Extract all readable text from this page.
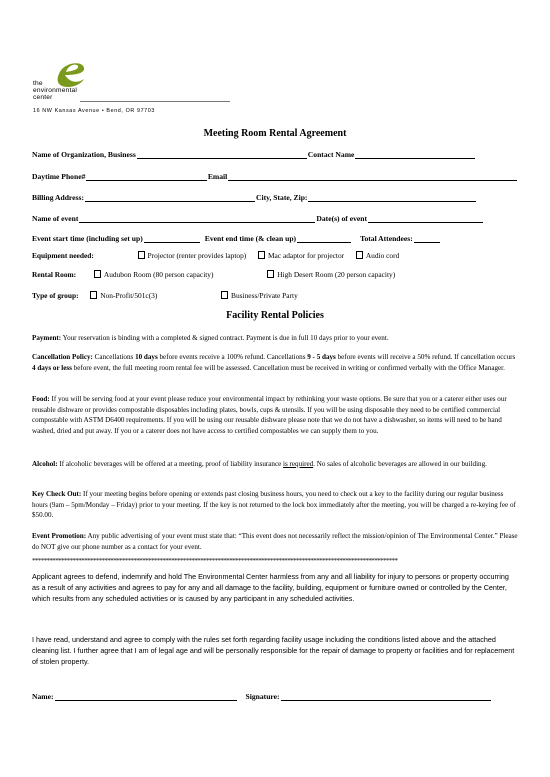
the
environmental
center
16 NW Kansas Avenue • Bend, OR 97703
Meeting Room Rental Agreement
Name of Organization, Business	Contact Name
Daytime Phone#	Email
Billing Address:	City, State, Zip:
Name of event	Date(s) of event
Event start time (including set up)	Event end time (& clean up)	Total Attendees:
Equipment needed:	Projector (renter provides laptop)	Mac adaptor for projector	Audio cord
Rental Room:	Audubon Room (80 person capacity)	High Desert Room (20 person capacity)
Type of group:	Non-Profit/501c(3)	Business/Private Party
Facility Rental Policies
Payment: Your reservation is binding with a completed & signed contract. Payment is due in full 10 days prior to your event.
Cancellation Policy: Cancellations 10 days before events receive a 100% refund. Cancellations 9 - 5 days before events will receive a 50% refund. If cancellation occurs 4 days or less before event, the full meeting room rental fee will be assessed. Cancellation must be received in writing or confirmed verbally with the Office Manager.
Food: If you will be serving food at your event please reduce your environmental impact by rethinking your waste options. Be sure that you or a caterer either uses our reusable dishware or provides compostable disposables including plates, bowls, cups & utensils. If you will be using disposable they need to be certified commercial compostable with ASTM D6400 requirements. If you will be using our reusable dishware please note that we do not have a dishwasher, so items will need to be hand washed, dried and put away. If you or a caterer does not have access to certified compostables we can supply them to you.
Alcohol: If alcoholic beverages will be offered at a meeting, proof of liability insurance is required. No sales of alcoholic beverages are allowed in our building.
Key Check Out: If your meeting begins before opening or extends past closing business hours, you need to check out a key to the facility during our regular business hours (9am – 5pm/Monday – Friday) prior to your meeting. If the key is not returned to the lock box immediately after the meeting, you will be charged a re-keying fee of $50.00.
Event Promotion: Any public advertising of your event must state that: “This event does not necessarily reflect the mission/opinion of The Environmental Center.” Please do NOT give our phone number as a contact for your event.
******************************************************************************************************************************
Applicant agrees to defend, indemnify and hold The Environmental Center harmless from any and all liability for injury to persons or property occurring as a result of any activities and agrees to pay for any and all damage to the facility, building, equipment or furniture owned or controlled by the Center, which results from any scheduled activities or is caused by any participant in any scheduled activities.
I have read, understand and agree to comply with the rules set forth regarding facility usage including the conditions listed above and the attached cleaning list. I further agree that I am of legal age and will be personally responsible for the repair of damage to property or facilities and for replacement of stolen property.
Name:	Signature:
